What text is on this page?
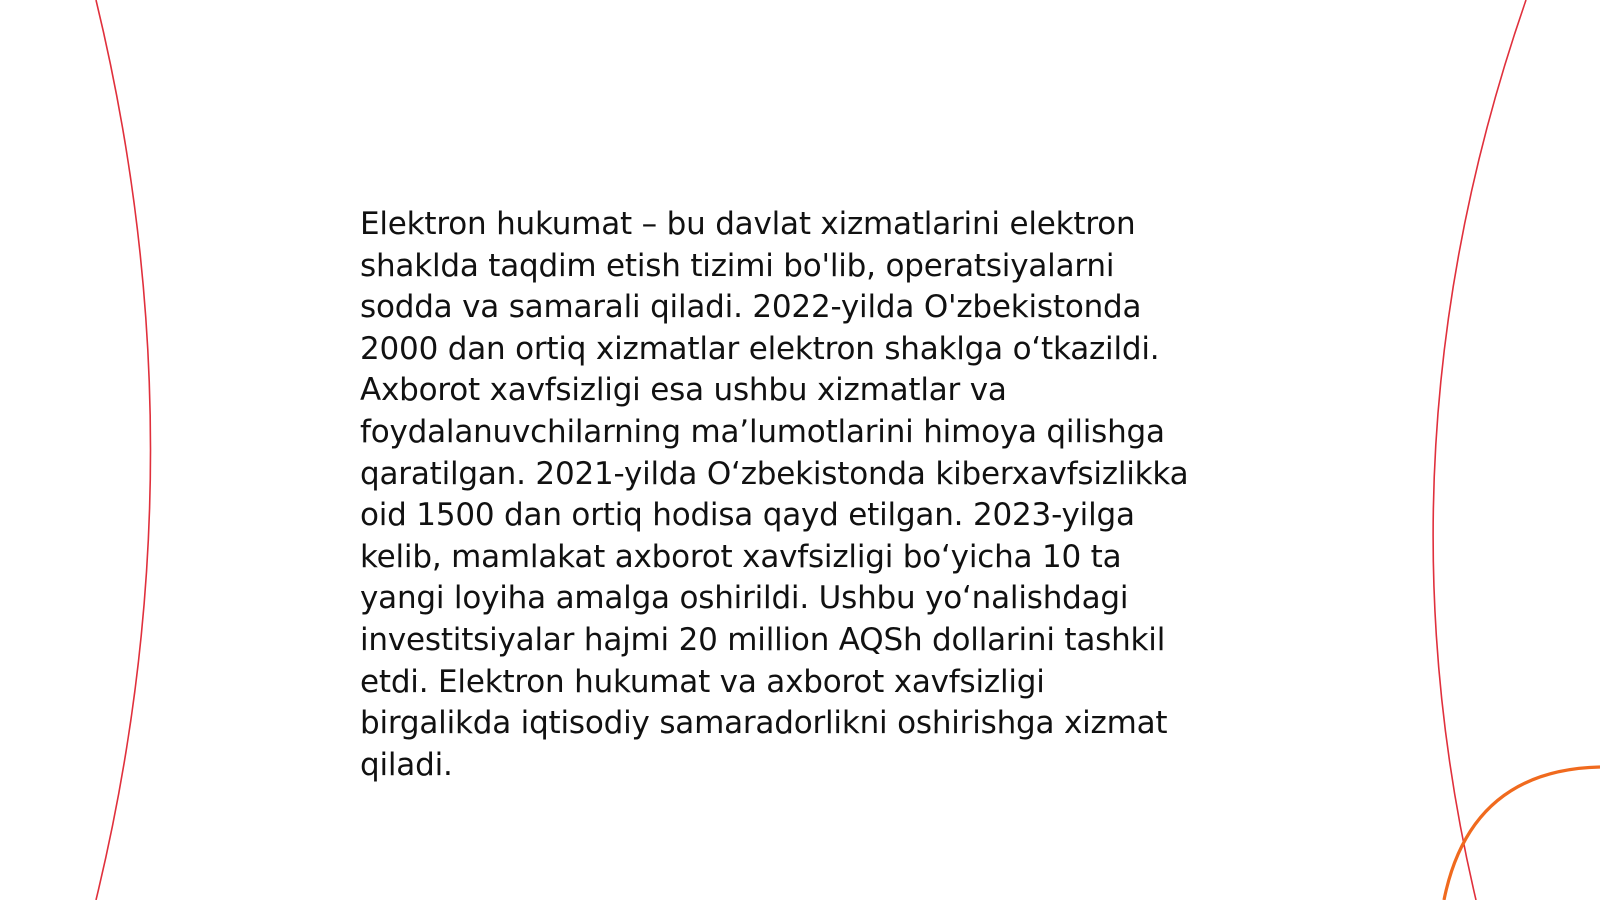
Elektron hukumat – bu davlat xizmatlarini elektron
shaklda taqdim etish tizimi bo'lib, operatsiyalarni
sodda va samarali qiladi. 2022-yilda O'zbekistonda
2000 dan ortiq xizmatlar elektron shaklga o‘tkazildi.
Axborot xavfsizligi esa ushbu xizmatlar va
foydalanuvchilarning ma’lumotlarini himoya qilishga
qaratilgan. 2021-yilda O‘zbekistonda kiberxavfsizlikka
oid 1500 dan ortiq hodisa qayd etilgan. 2023-yilga
kelib, mamlakat axborot xavfsizligi bo‘yicha 10 ta
yangi loyiha amalga oshirildi. Ushbu yo‘nalishdagi
investitsiyalar hajmi 20 million AQSh dollarini tashkil
etdi. Elektron hukumat va axborot xavfsizligi
birgalikda iqtisodiy samaradorlikni oshirishga xizmat
qiladi.
